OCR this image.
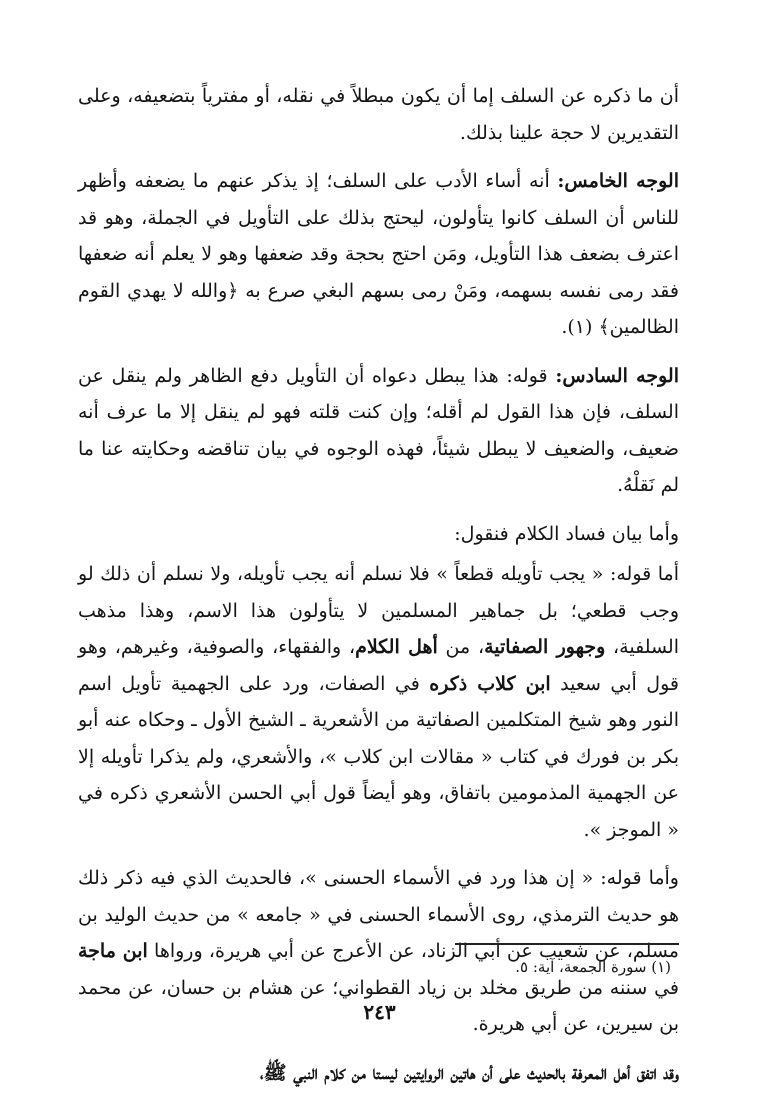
أن ما ذكره عن السلف إما أن يكون مبطلاً في نقله، أو مفترياً بتضعيفه، وعلى التقديرين لا حجة علينا بذلك.

الوجه الخامس: أنه أساء الأدب على السلف؛ إذ يذكر عنهم ما يضعفه وأظهر للناس أن السلف كانوا يتأولون، ليحتج بذلك على التأويل في الجملة، وهو قد اعترف بضعف هذا التأويل، ومَن احتج بحجة وقد ضعفها وهو لا يعلم أنه ضعفها فقد رمى نفسه بسهمه، ومَنْ رمى بسهم البغي صرع به ﴿والله لا يهدي القوم الظالمين﴾ (١).

الوجه السادس: قوله: هذا يبطل دعواه أن التأويل دفع الظاهر ولم ينقل عن السلف، فإن هذا القول لم أقله؛ وإن كنت قلته فهو لم ينقل إلا ما عرف أنه ضعيف، والضعيف لا يبطل شيئاً، فهذه الوجوه في بيان تناقضه وحكايته عنا ما لم نَقلْهُ.

وأما بيان فساد الكلام فنقول:

أما قوله: « يجب تأويله قطعاً » فلا نسلم أنه يجب تأويله، ولا نسلم أن ذلك لو وجب قطعي؛ بل جماهير المسلمين لا يتأولون هذا الاسم، وهذا مذهب السلفية، وجهور الصفاتية، من أهل الكلام، والفقهاء، والصوفية، وغيرهم، وهو قول أبي سعيد ابن كلاب ذكره في الصفات، ورد على الجهمية تأويل اسم النور وهو شيخ المتكلمين الصفاتية من الأشعرية ـ الشيخ الأول ـ وحكاه عنه أبو بكر بن فورك في كتاب « مقالات ابن كلاب »، والأشعري، ولم يذكرا تأويله إلا عن الجهمية المذمومين باتفاق، وهو أيضاً قول أبي الحسن الأشعري ذكره في « الموجز ».

وأما قوله: « إن هذا ورد في الأسماء الحسنى »، فالحديث الذي فيه ذكر ذلك هو حديث الترمذي، روى الأسماء الحسنى في « جامعه » من حديث الوليد بن مسلم، عن شعيب عن أبي الزناد، عن الأعرج عن أبي هريرة، ورواها ابن ماجة في سننه من طريق مخلد بن زياد القطواني؛ عن هشام بن حسان، عن محمد بن سيرين، عن أبي هريرة.

وقد اتفق أهل المعرفة بالحديث على أن هاتين الروايتين ليستا من كلام النبي ﷺ،

(١) سورة الجمعة، آية: ٥.
٢٤٣
